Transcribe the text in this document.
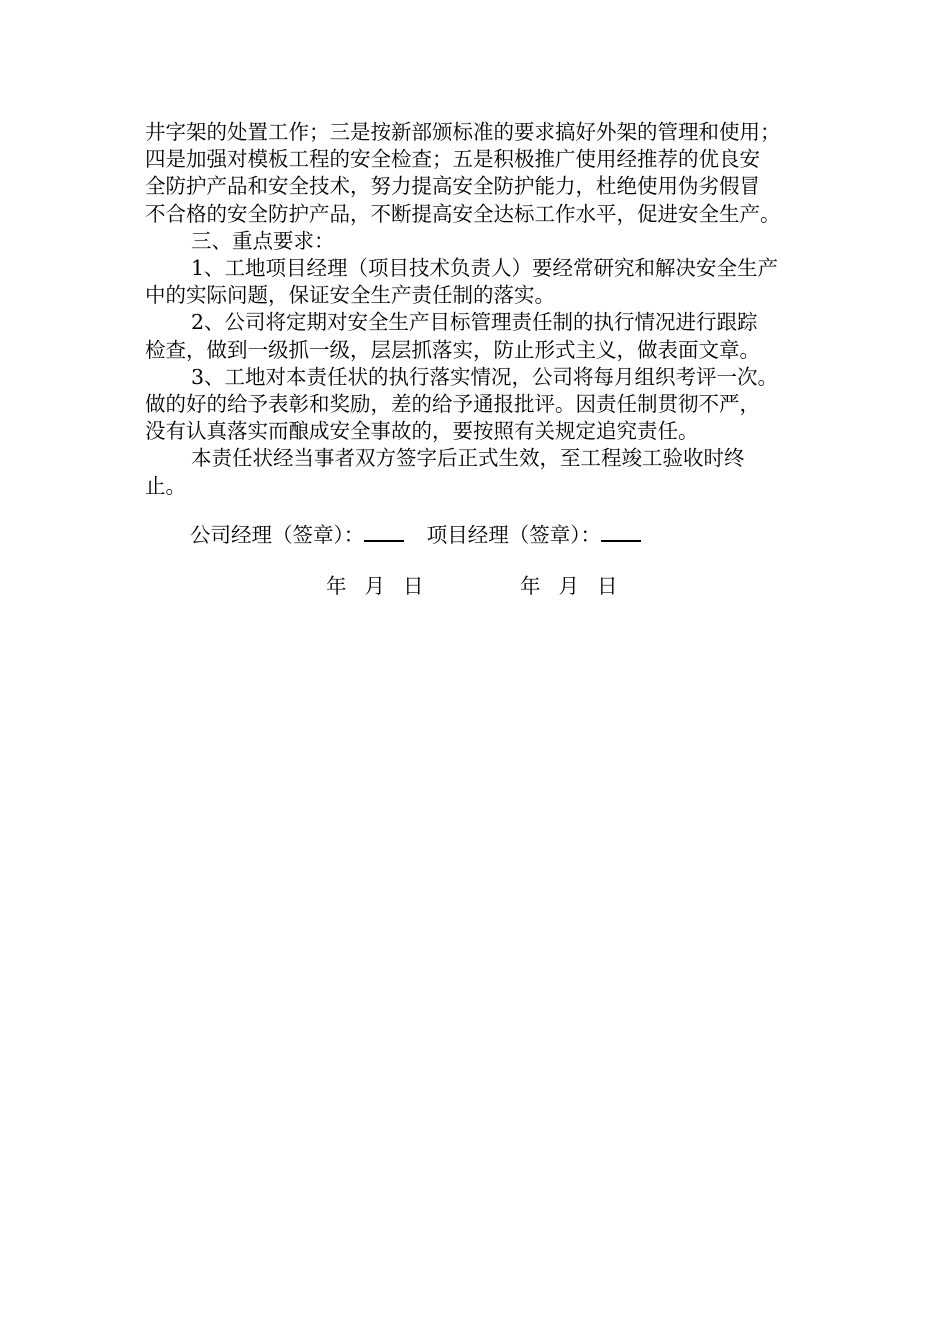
井字架的处置工作；三是按新部颁标准的要求搞好外架的管理和使用；
四是加强对模板工程的安全检查；五是积极推广使用经推荐的优良安
全防护产品和安全技术，努力提高安全防护能力，杜绝使用伪劣假冒
不合格的安全防护产品，不断提高安全达标工作水平，促进安全生产。
三、重点要求：
1、工地项目经理（项目技术负责人）要经常研究和解决安全生产
中的实际问题，保证安全生产责任制的落实。
2、公司将定期对安全生产目标管理责任制的执行情况进行跟踪
检查，做到一级抓一级，层层抓落实，防止形式主义，做表面文章。
3、工地对本责任状的执行落实情况，公司将每月组织考评一次。
做的好的给予表彰和奖励，差的给予通报批评。因责任制贯彻不严，
没有认真落实而酿成安全事故的，要按照有关规定追究责任。
本责任状经当事者双方签字后正式生效，至工程竣工验收时终
止。
公司经理（签章）：	项目经理（签章）：
年 月 日	年 月 日
